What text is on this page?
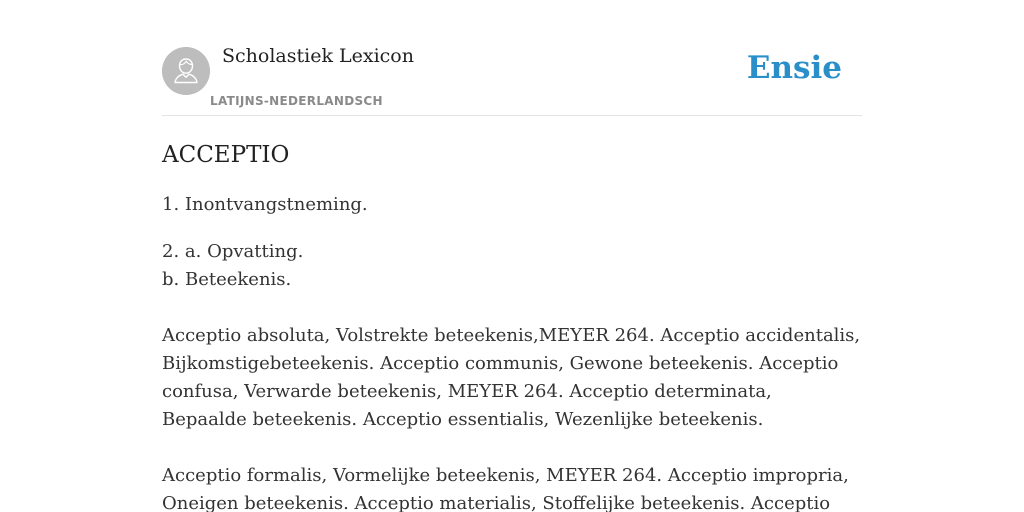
Scholastiek Lexicon
LATIJNS-NEDERLANDSCH
Ensie
ACCEPTIO

1. Inontvangstneming.

2. a. Opvatting.
b. Beteekenis.

Acceptio absoluta, Volstrekte beteekenis,MEYER 264. Acceptio accidentalis, Bijkomstigebeteekenis. Acceptio communis, Gewone beteekenis. Acceptio confusa, Verwarde beteekenis, MEYER 264. Acceptio determinata, Bepaalde beteekenis. Acceptio essentialis, Wezenlijke beteekenis.

Acceptio formalis, Vormelijke beteekenis, MEYER 264. Acceptio impropria, Oneigen beteekenis. Acceptio materialis, Stoffelijke beteekenis. Acceptio
